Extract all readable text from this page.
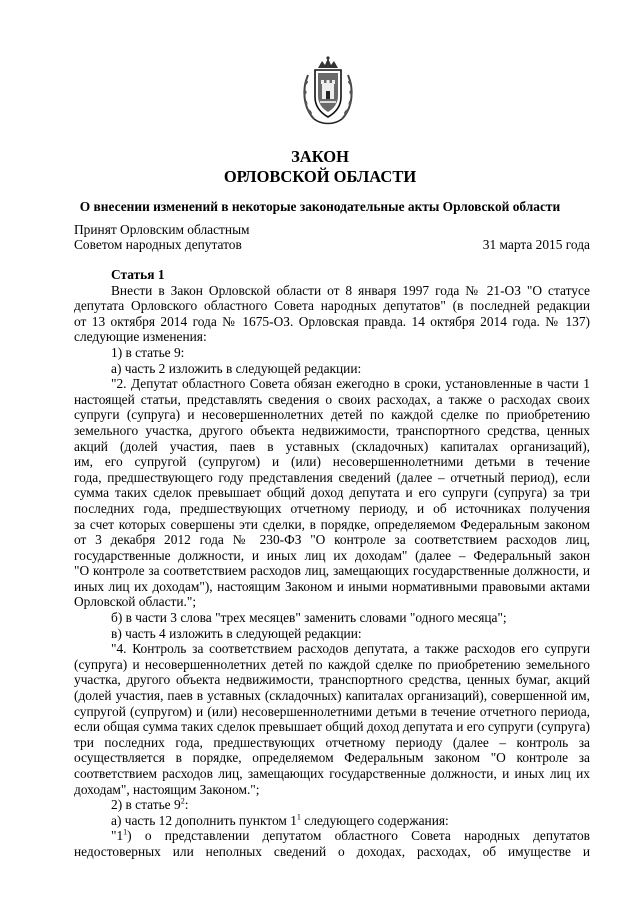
ЗАКОН
ОРЛОВСКОЙ ОБЛАСТИ
О внесении изменений в некоторые законодательные акты Орловской области
Принят Орловским областным
Советом народных депутатов	31 марта 2015 года
Статья 1
Внести в Закон Орловской области от 8 января 1997 года № 21-ОЗ "О статусе
депутата Орловского областного Совета народных депутатов" (в последней редакции
от 13 октября 2014 года № 1675-ОЗ. Орловская правда. 14 октября 2014 года. № 137)
следующие изменения:
1) в статье 9:
а) часть 2 изложить в следующей редакции:
"2. Депутат областного Совета обязан ежегодно в сроки, установленные в части 1
настоящей статьи, представлять сведения о своих расходах, а также о расходах своих
супруги (супруга) и несовершеннолетних детей по каждой сделке по приобретению
земельного участка, другого объекта недвижимости, транспортного средства, ценных
акций (долей участия, паев в уставных (складочных) капиталах организаций),
им, его супругой (супругом) и (или) несовершеннолетними детьми в течение
года, предшествующего году представления сведений (далее – отчетный период), если
сумма таких сделок превышает общий доход депутата и его супруги (супруга) за три
последних года, предшествующих отчетному периоду, и об источниках получения
за счет которых совершены эти сделки, в порядке, определяемом Федеральным законом
от 3 декабря 2012 года № 230-ФЗ "О контроле за соответствием расходов лиц,
государственные должности, и иных лиц их доходам" (далее – Федеральный закон
"О контроле за соответствием расходов лиц, замещающих государственные должности, и
иных лиц их доходам"), настоящим Законом и иными нормативными правовыми актами
Орловской области.";
б) в части 3 слова "трех месяцев" заменить словами "одного месяца";
в) часть 4 изложить в следующей редакции:
"4. Контроль за соответствием расходов депутата, а также расходов его супруги
(супруга) и несовершеннолетних детей по каждой сделке по приобретению земельного
участка, другого объекта недвижимости, транспортного средства, ценных бумаг, акций
(долей участия, паев в уставных (складочных) капиталах организаций), совершенной им,
супругой (супругом) и (или) несовершеннолетними детьми в течение отчетного периода,
если общая сумма таких сделок превышает общий доход депутата и его супруги (супруга)
три последних года, предшествующих отчетному периоду (далее – контроль за
осуществляется в порядке, определяемом Федеральным законом "О контроле за
соответствием расходов лиц, замещающих государственные должности, и иных лиц их
доходам", настоящим Законом.";
2) в статье $9^2$:
а) часть 12 дополнить пунктом $1^1$ следующего содержания:
"$1^1$) о представлении депутатом областного Совета народных депутатов
недостоверных или неполных сведений о доходах, расходах, об имуществе и
